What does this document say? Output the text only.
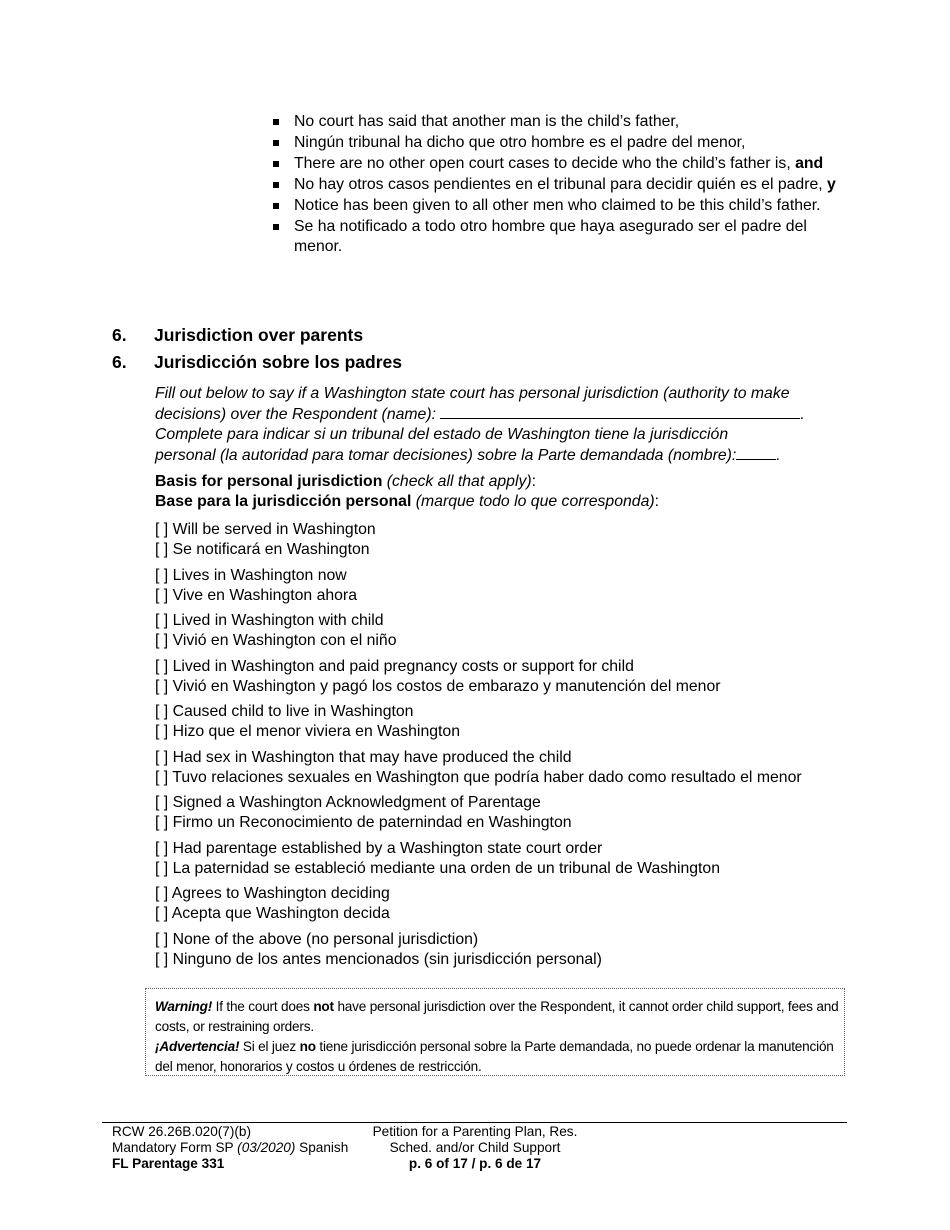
No court has said that another man is the child’s father,
Ningún tribunal ha dicho que otro hombre es el padre del menor,
There are no other open court cases to decide who the child’s father is, and
No hay otros casos pendientes en el tribunal para decidir quién es el padre, y
Notice has been given to all other men who claimed to be this child’s father.
Se ha notificado a todo otro hombre que haya asegurado ser el padre del menor.
6. Jurisdiction over parents
6. Jurisdicción sobre los padres
Fill out below to say if a Washington state court has personal jurisdiction (authority to make
decisions) over the Respondent (name):	.
Complete para indicar si un tribunal del estado de Washington tiene la jurisdicción
personal (la autoridad para tomar decisiones) sobre la Parte demandada (nombre):	.
Basis for personal jurisdiction (check all that apply):
Base para la jurisdicción personal (marque todo lo que corresponda):
[ ] Will be served in Washington
[ ] Se notificará en Washington
[ ] Lives in Washington now
[ ] Vive en Washington ahora
[ ] Lived in Washington with child
[ ] Vivió en Washington con el niño
[ ] Lived in Washington and paid pregnancy costs or support for child
[ ] Vivió en Washington y pagó los costos de embarazo y manutención del menor
[ ] Caused child to live in Washington
[ ] Hizo que el menor viviera en Washington
[ ] Had sex in Washington that may have produced the child
[ ] Tuvo relaciones sexuales en Washington que podría haber dado como resultado el menor
[ ] Signed a Washington Acknowledgment of Parentage
[ ] Firmo un Reconocimiento de paternindad en Washington
[ ] Had parentage established by a Washington state court order
[ ] La paternidad se estableció mediante una orden de un tribunal de Washington
[ ] Agrees to Washington deciding
[ ] Acepta que Washington decida
[ ] None of the above (no personal jurisdiction)
[ ] Ninguno de los antes mencionados (sin jurisdicción personal)
Warning! If the court does not have personal jurisdiction over the Respondent, it cannot order child support, fees and
costs, or restraining orders.
¡Advertencia! Si el juez no tiene jurisdicción personal sobre la Parte demandada, no puede ordenar la manutención
del menor, honorarios y costos u órdenes de restricción.
RCW 26.26B.020(7)(b)
Mandatory Form SP (03/2020) Spanish
FL Parentage 331
Petition for a Parenting Plan, Res.
Sched. and/or Child Support
p. 6 of 17 / p. 6 de 17
